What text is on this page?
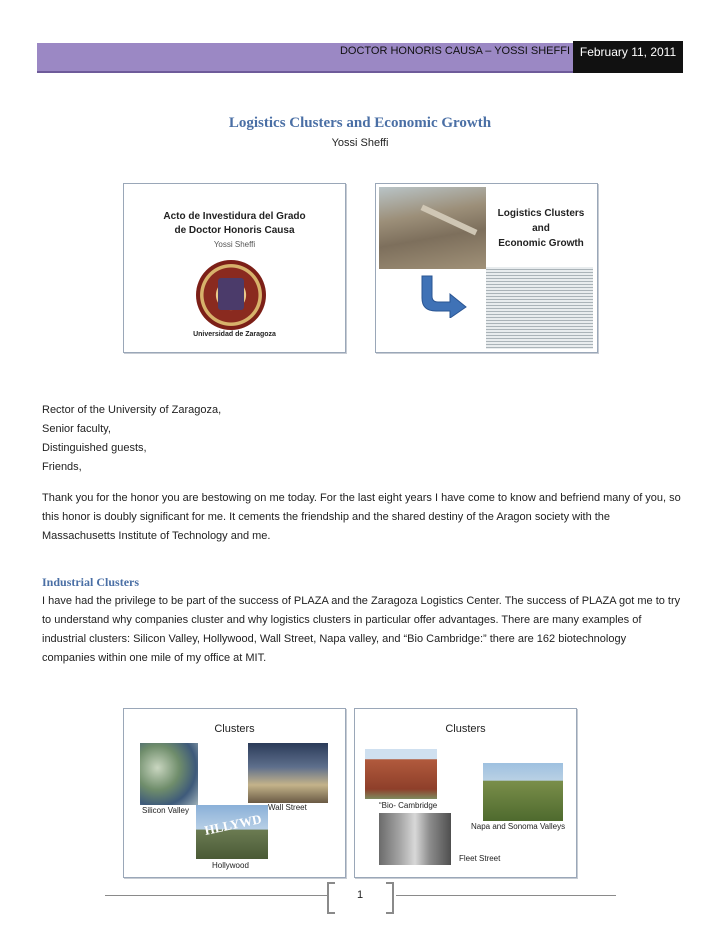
DOCTOR HONORIS CAUSA – YOSSI SHEFFI February 11, 2011
Logistics Clusters and Economic Growth
Yossi Sheffi
Acto de Investidura del Grado
de Doctor Honoris Causa
Yossi Sheffi
Universidad de Zaragoza
Logistics Clusters
and
Economic Growth
Rector of the University of Zaragoza,
Senior faculty,
Distinguished guests,
Friends,
Thank you for the honor you are bestowing on me today. For the last eight years I have come to know and befriend many of you, so this honor is doubly significant for me. It cements the friendship and the shared destiny of the Aragon society with the Massachusetts Institute of Technology and me.
Industrial Clusters
I have had the privilege to be part of the success of PLAZA and the Zaragoza Logistics Center. The success of PLAZA got me to try to understand why companies cluster and why logistics clusters in particular offer advantages. There are many examples of industrial clusters: Silicon Valley, Hollywood, Wall Street, Napa valley, and “Bio Cambridge:” there are 162 biotechnology companies within one mile of my office at MIT.
Clusters
HLLYWD
Silicon Valley	Wall Street
Hollywood
Clusters
“Bio- Cambridge
Napa and Sonoma Valleys
Fleet Street
1
